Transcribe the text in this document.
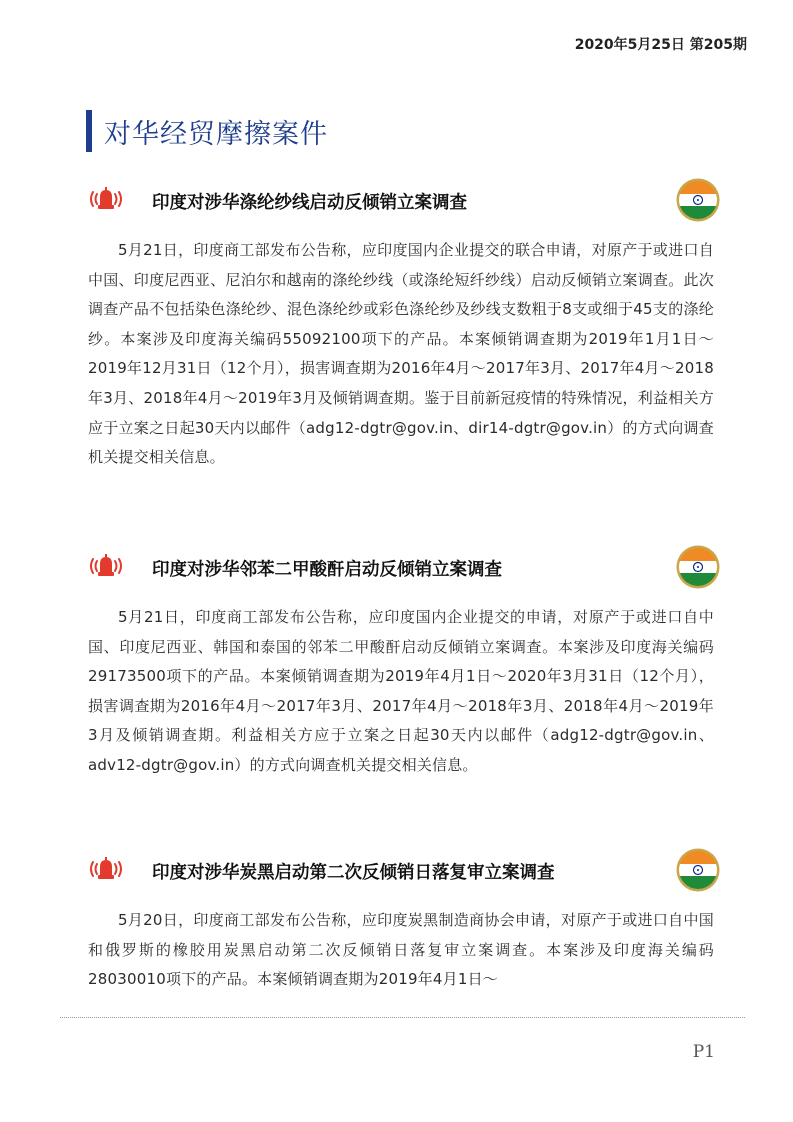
2020年5月25日 第205期
对华经贸摩擦案件
印度对涉华涤纶纱线启动反倾销立案调查

5月21日，印度商工部发布公告称，应印度国内企业提交的联合申请，对原产于或进口自中国、印度尼西亚、尼泊尔和越南的涤纶纱线（或涤纶短纤纱线）启动反倾销立案调查。此次调查产品不包括染色涤纶纱、混色涤纶纱或彩色涤纶纱及纱线支数粗于8支或细于45支的涤纶纱。本案涉及印度海关编码55092100项下的产品。本案倾销调查期为2019年1月1日～2019年12月31日（12个月），损害调查期为2016年4月～2017年3月、2017年4月～2018年3月、2018年4月～2019年3月及倾销调查期。鉴于目前新冠疫情的特殊情况，利益相关方应于立案之日起30天内以邮件（adg12-dgtr@gov.in、dir14-dgtr@gov.in）的方式向调查机关提交相关信息。

印度对涉华邻苯二甲酸酐启动反倾销立案调查

5月21日，印度商工部发布公告称，应印度国内企业提交的申请，对原产于或进口自中国、印度尼西亚、韩国和泰国的邻苯二甲酸酐启动反倾销立案调查。本案涉及印度海关编码29173500项下的产品。本案倾销调查期为2019年4月1日～2020年3月31日（12个月），损害调查期为2016年4月～2017年3月、2017年4月～2018年3月、2018年4月～2019年3月及倾销调查期。利益相关方应于立案之日起30天内以邮件（adg12-dgtr@gov.in、adv12-dgtr@gov.in）的方式向调查机关提交相关信息。

印度对涉华炭黑启动第二次反倾销日落复审立案调查

5月20日，印度商工部发布公告称，应印度炭黑制造商协会申请，对原产于或进口自中国和俄罗斯的橡胶用炭黑启动第二次反倾销日落复审立案调查。本案涉及印度海关编码28030010项下的产品。本案倾销调查期为2019年4月1日～

P1
